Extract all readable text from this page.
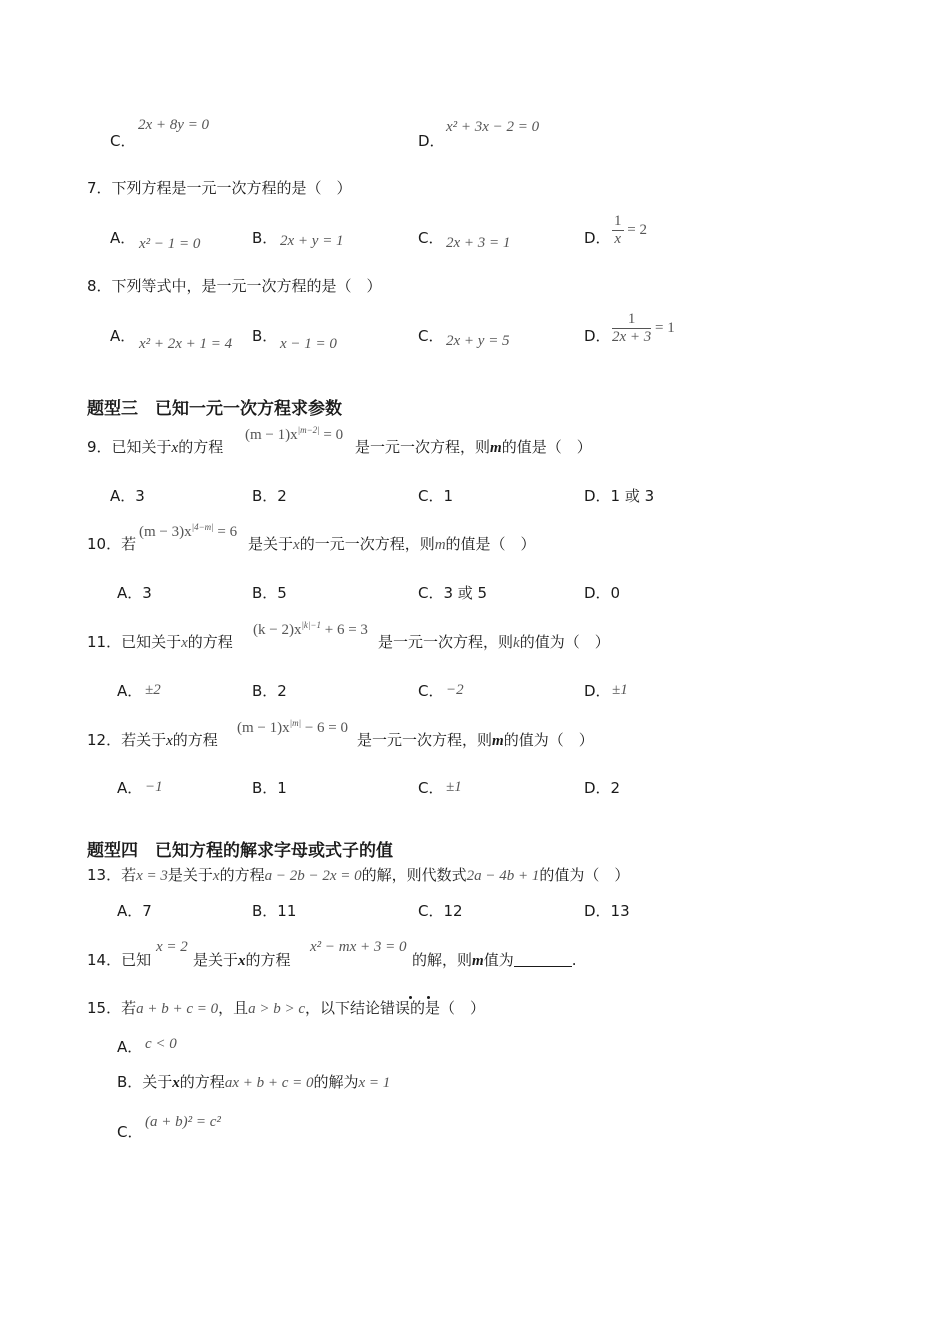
2x + 8y = 0
C．
x² + 3x − 2 = 0
D．
7．下列方程是一元一次方程的是（　）
A． x² − 1 = 0	B． 2x + y = 1	C． 2x + 3 = 1	D． $\frac{1}{x} = 2$
8．下列等式中，是一元一次方程的是（　）
A． x² + 2x + 1 = 4 B． x − 1 = 0	C． 2x + y = 5	D． $\frac{1}{2x + 3} = 1$
题型三　已知一元一次方程求参数
9．已知关于x的方程
$(m - 1)x^{|m-2|} = 0$
是一元一次方程，则m的值是（　）
A．3	B．2	C．1	D．1 或 3
10．若
$(m - 3)x^{|4-m|} = 6$
是关于x的一元一次方程，则m的值是（　）
A．3	B．5	C．3 或 5	D．0
11．已知关于x的方程
$(k - 2)x^{|k|-1} + 6 = 3$
是一元一次方程，则k的值为（　）
A． ±2	B．2	C． −2	D． ±1
12．若关于x的方程
$(m - 1)x^{|m|} - 6 = 0$
是一元一次方程，则m的值为（　）
A． −1	B．1	C． ±1	D．2
题型四　已知方程的解求字母或式子的值
13．若x = 3是关于x的方程a − 2b − 2x = 0的解，则代数式2a − 4b + 1的值为（　）
A．7	B．11	C．12	D．13
14．已知
x = 2
是关于x的方程
x² − mx + 3 = 0
的解，则m值为	.
15．若a + b + c = 0，且a > b > c，以下结论错误的是（　）
A． c < 0
B．关于x的方程ax + b + c = 0的解为x = 1
C．
(a + b)² = c²
